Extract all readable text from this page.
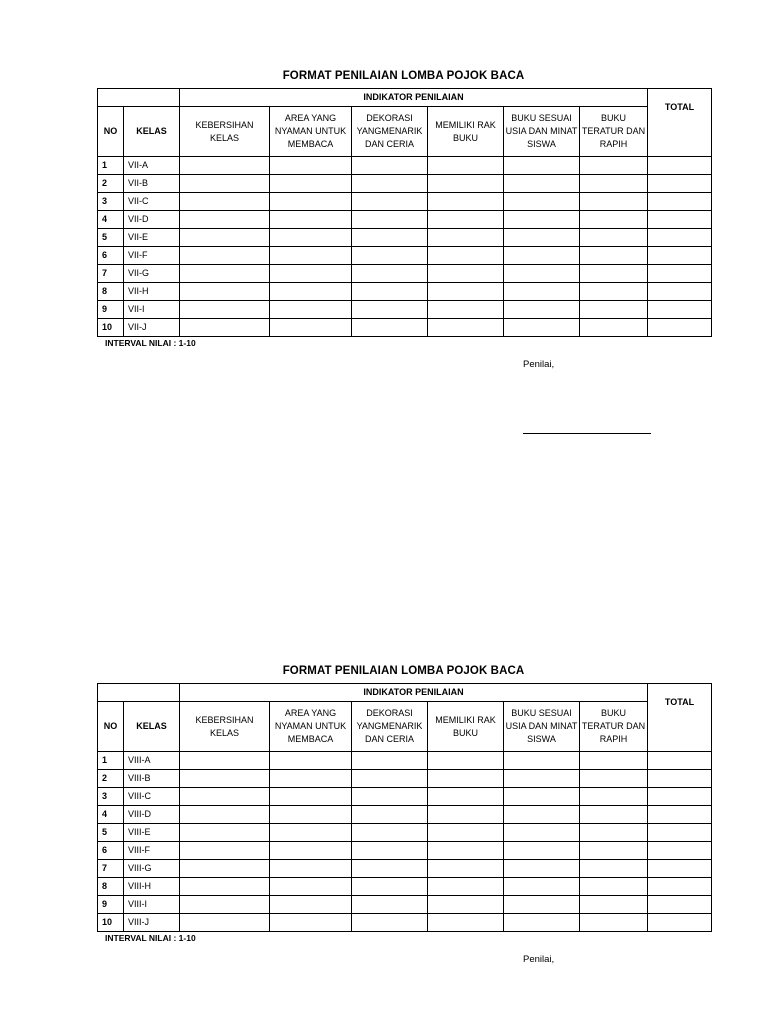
FORMAT PENILAIAN LOMBA POJOK BACA
		INDIKATOR PENILAIAN						TOTAL
NO	KELAS	KEBERSIHAN KELAS	AREA YANG NYAMAN UNTUK MEMBACA	DEKORASI YANGMENARIK DAN CERIA	MEMILIKI RAK BUKU	BUKU SESUAI USIA DAN MINAT SISWA	BUKU TERATUR DAN RAPIH	
1	VII-A							
2	VII-B							
3	VII-C							
4	VII-D							
5	VII-E							
6	VII-F							
7	VII-G							
8	VII-H							
9	VII-I							
10	VII-J							
INTERVAL NILAI : 1-10
Penilai,
FORMAT PENILAIAN LOMBA POJOK BACA
		INDIKATOR PENILAIAN						TOTAL
NO	KELAS	KEBERSIHAN KELAS	AREA YANG NYAMAN UNTUK MEMBACA	DEKORASI YANGMENARIK DAN CERIA	MEMILIKI RAK BUKU	BUKU SESUAI USIA DAN MINAT SISWA	BUKU TERATUR DAN RAPIH	
1	VIII-A							
2	VIII-B							
3	VIII-C							
4	VIII-D							
5	VIII-E							
6	VIII-F							
7	VIII-G							
8	VIII-H							
9	VIII-I							
10	VIII-J							
INTERVAL NILAI : 1-10
Penilai,
